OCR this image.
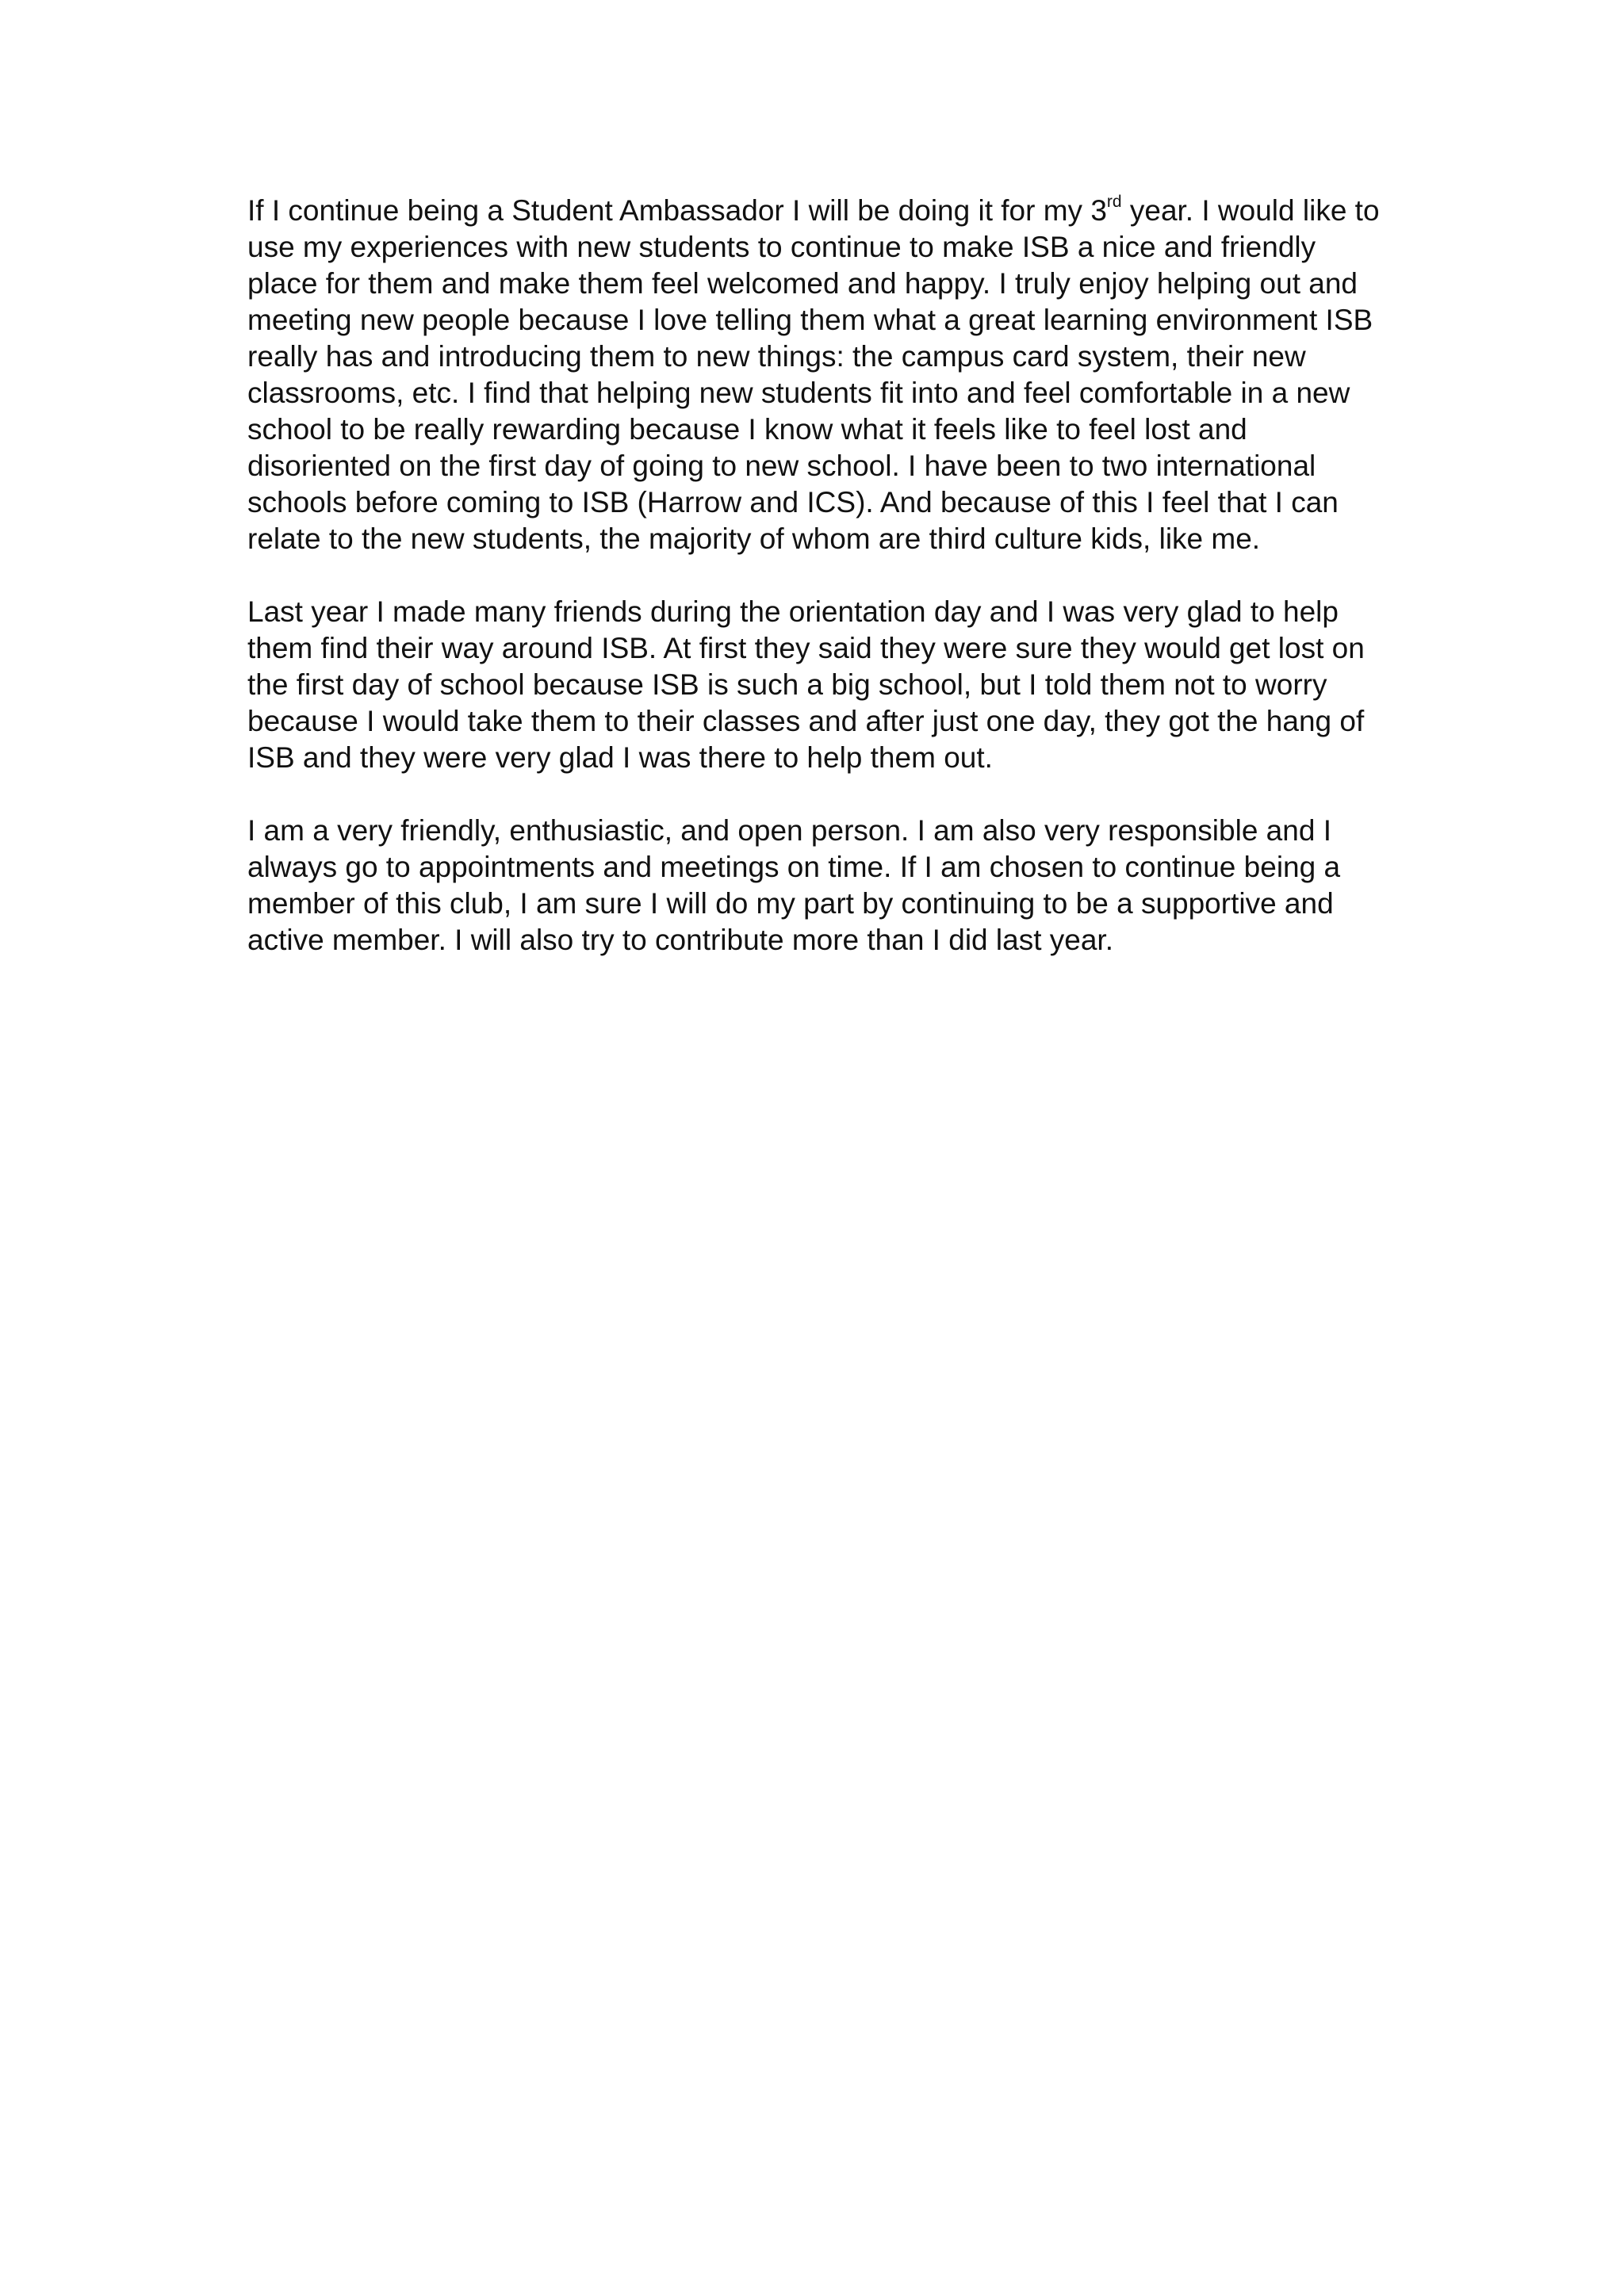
If I continue being a Student Ambassador I will be doing it for my 3rd year. I would like to use my experiences with new students to continue to make ISB a nice and friendly place for them and make them feel welcomed and happy. I truly enjoy helping out and meeting new people because I love telling them what a great learning environment ISB really has and introducing them to new things: the campus card system, their new classrooms, etc. I find that helping new students fit into and feel comfortable in a new school to be really rewarding because I know what it feels like to feel lost and disoriented on the first day of going to new school. I have been to two international schools before coming to ISB (Harrow and ICS). And because of this I feel that I can relate to the new students, the majority of whom are third culture kids, like me.

Last year I made many friends during the orientation day and I was very glad to help them find their way around ISB. At first they said they were sure they would get lost on the first day of school because ISB is such a big school, but I told them not to worry because I would take them to their classes and after just one day, they got the hang of ISB and they were very glad I was there to help them out.

I am a very friendly, enthusiastic, and open person. I am also very responsible and I always go to appointments and meetings on time. If I am chosen to continue being a member of this club, I am sure I will do my part by continuing to be a supportive and active member. I will also try to contribute more than I did last year.
